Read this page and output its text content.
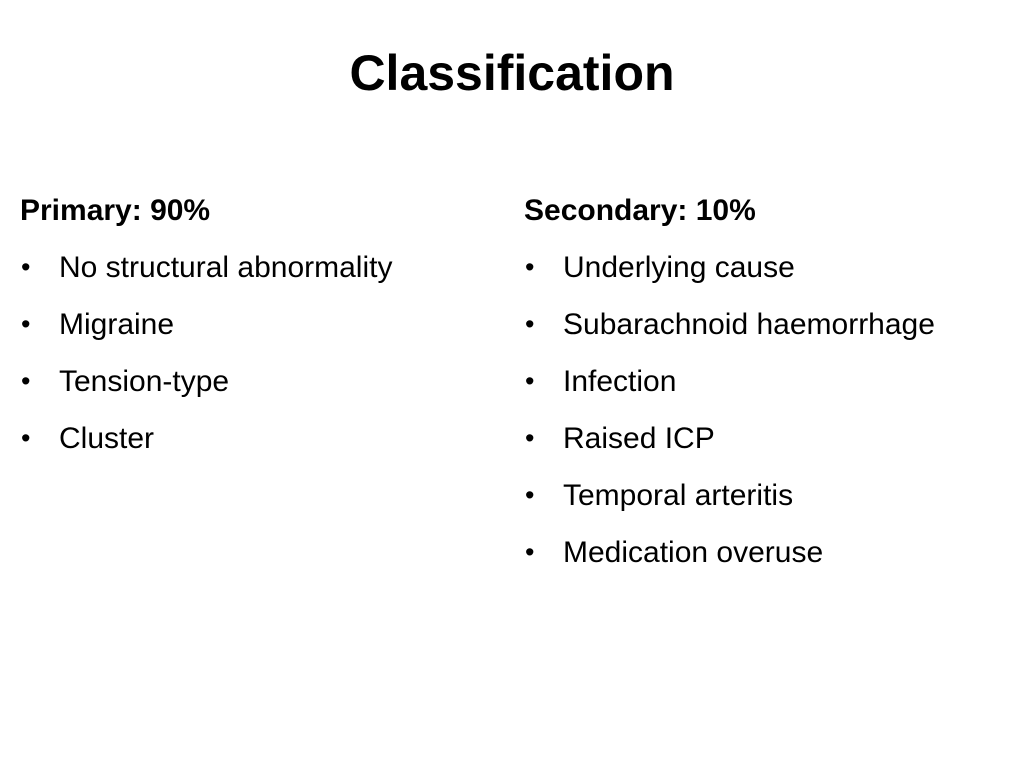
Classification
Primary: 90%
• No structural abnormality
• Migraine
• Tension-type
• Cluster
Secondary: 10%
• Underlying cause
• Subarachnoid haemorrhage
• Infection
• Raised ICP
• Temporal arteritis
• Medication overuse
